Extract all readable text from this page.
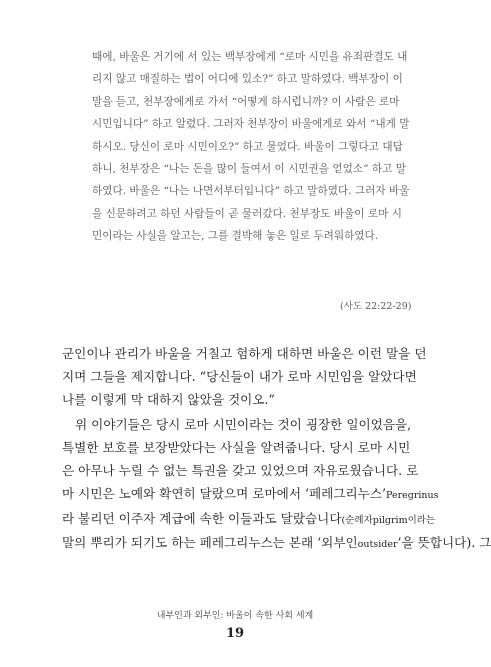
때에, 바울은 거기에 서 있는 백부장에게 “로마 시민을 유죄판결도 내
리지 않고 매질하는 법이 어디에 있소?” 하고 말하였다. 백부장이 이
말을 듣고, 천부장에게로 가서 “어떻게 하시렵니까? 이 사람은 로마
시민입니다” 하고 알렸다. 그러자 천부장이 바울에게로 와서 “내게 말
하시오. 당신이 로마 시민이오?” 하고 물었다. 바울이 그렇다고 대답
하니, 천부장은 “나는 돈을 많이 들여서 이 시민권을 얻었소” 하고 말
하였다. 바울은 “나는 나면서부터입니다” 하고 말하였다. 그러자 바울
을 신문하려고 하던 사람들이 곧 물러갔다. 천부장도 바울이 로마 시
민이라는 사실을 알고는, 그를 결박해 놓은 일로 두려워하였다.
(사도 22:22-29)
군인이나 관리가 바울을 거칠고 험하게 대하면 바울은 이런 말을 던
지며 그들을 제지합니다. “당신들이 내가 로마 시민임을 알았다면
나를 이렇게 막 대하지 않았을 것이오.”
위 이야기들은 당시 로마 시민이라는 것이 굉장한 일이었음을,
특별한 보호를 보장받았다는 사실을 알려줍니다. 당시 로마 시민
은 아무나 누릴 수 없는 특권을 갖고 있었으며 자유로웠습니다. 로
마 시민은 노예와 확연히 달랐으며 로마에서 ‘페레그리누스’Peregrinus
라 불리던 이주자 계급에 속한 이들과도 달랐습니다(순례자pilgrim이라는
말의 뿌리가 되기도 하는 페레그리누스는 본래 ‘외부인outsider’을 뜻합니다). 그
내부인과 외부인: 바울이 속한 사회 세계
19
